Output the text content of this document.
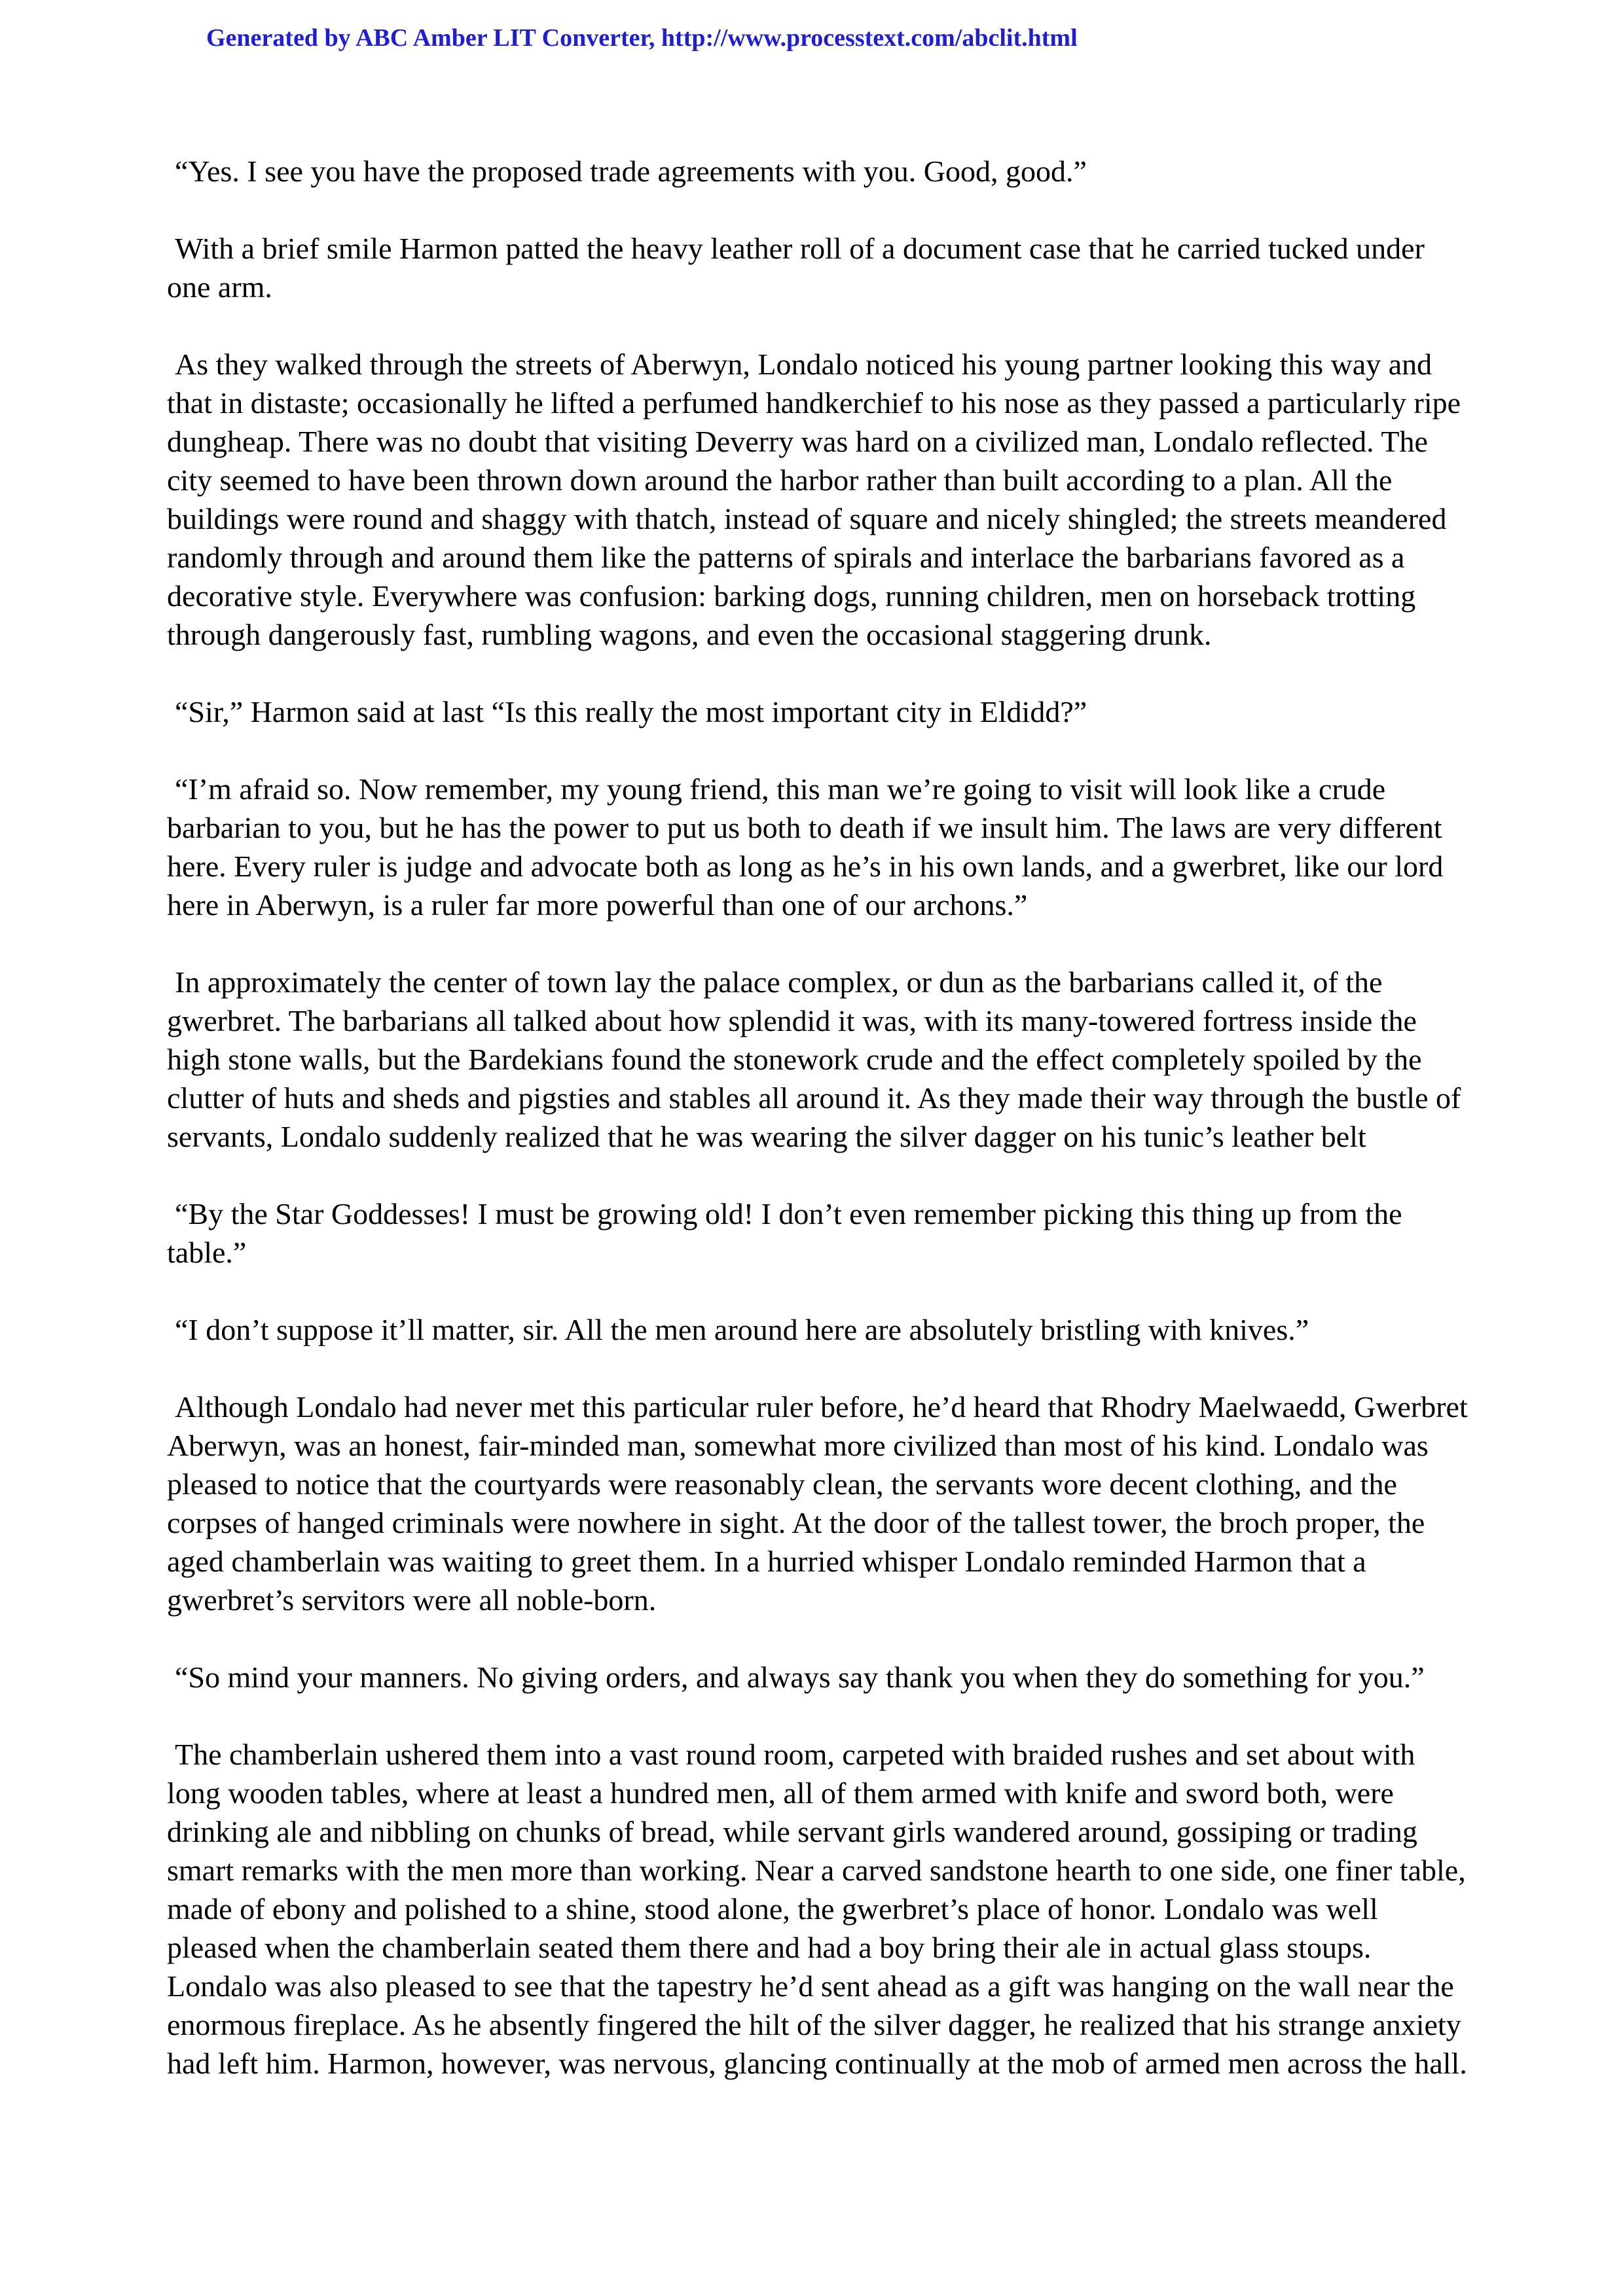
Generated by ABC Amber LIT Converter, http://www.processtext.com/abclit.html

“Yes. I see you have the proposed trade agreements with you. Good, good.”

With a brief smile Harmon patted the heavy leather roll of a document case that he carried tucked under one arm.

As they walked through the streets of Aberwyn, Londalo noticed his young partner looking this way and that in distaste; occasionally he lifted a perfumed handkerchief to his nose as they passed a particularly ripe dungheap. There was no doubt that visiting Deverry was hard on a civilized man, Londalo reflected. The city seemed to have been thrown down around the harbor rather than built according to a plan. All the buildings were round and shaggy with thatch, instead of square and nicely shingled; the streets meandered randomly through and around them like the patterns of spirals and interlace the barbarians favored as a decorative style. Everywhere was confusion: barking dogs, running children, men on horseback trotting through dangerously fast, rumbling wagons, and even the occasional staggering drunk.

“Sir,” Harmon said at last “Is this really the most important city in Eldidd?”

“I’m afraid so. Now remember, my young friend, this man we’re going to visit will look like a crude barbarian to you, but he has the power to put us both to death if we insult him. The laws are very different here. Every ruler is judge and advocate both as long as he’s in his own lands, and a gwerbret, like our lord here in Aberwyn, is a ruler far more powerful than one of our archons.”

In approximately the center of town lay the palace complex, or dun as the barbarians called it, of the gwerbret. The barbarians all talked about how splendid it was, with its many-towered fortress inside the high stone walls, but the Bardekians found the stonework crude and the effect completely spoiled by the clutter of huts and sheds and pigsties and stables all around it. As they made their way through the bustle of servants, Londalo suddenly realized that he was wearing the silver dagger on his tunic’s leather belt

“By the Star Goddesses! I must be growing old! I don’t even remember picking this thing up from the table.”

“I don’t suppose it’ll matter, sir. All the men around here are absolutely bristling with knives.”

Although Londalo had never met this particular ruler before, he’d heard that Rhodry Maelwaedd, Gwerbret Aberwyn, was an honest, fair-minded man, somewhat more civilized than most of his kind. Londalo was pleased to notice that the courtyards were reasonably clean, the servants wore decent clothing, and the corpses of hanged criminals were nowhere in sight. At the door of the tallest tower, the broch proper, the aged chamberlain was waiting to greet them. In a hurried whisper Londalo reminded Harmon that a gwerbret’s servitors were all noble-born.

“So mind your manners. No giving orders, and always say thank you when they do something for you.”

The chamberlain ushered them into a vast round room, carpeted with braided rushes and set about with long wooden tables, where at least a hundred men, all of them armed with knife and sword both, were drinking ale and nibbling on chunks of bread, while servant girls wandered around, gossiping or trading smart remarks with the men more than working. Near a carved sandstone hearth to one side, one finer table, made of ebony and polished to a shine, stood alone, the gwerbret’s place of honor. Londalo was well pleased when the chamberlain seated them there and had a boy bring their ale in actual glass stoups. Londalo was also pleased to see that the tapestry he’d sent ahead as a gift was hanging on the wall near the enormous fireplace. As he absently fingered the hilt of the silver dagger, he realized that his strange anxiety had left him. Harmon, however, was nervous, glancing continually at the mob of armed men across the hall.
